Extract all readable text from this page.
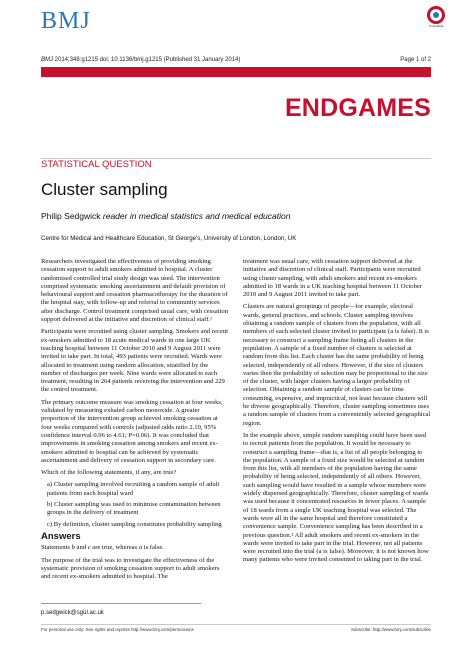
BMJ	CrossMark
BMJ 2014;348:g1215 doi: 10.1136/bmj.g1215 (Published 31 January 2014)	Page 1 of 2
ENDGAMES
STATISTICAL QUESTION
Cluster sampling
Philip Sedgwick reader in medical statistics and medical education
Centre for Medical and Healthcare Education, St George's, University of London, London, UK

Researchers investigated the effectiveness of providing smoking cessation support to adult smokers admitted to hospital. A cluster randomised controlled trial study design was used. The intervention comprised systematic smoking ascertainment and default provision of behavioural support and cessation pharmacotherapy for the duration of the hospital stay, with follow-up and referral to community services after discharge. Control treatment comprised usual care, with cessation support delivered at the initiative and discretion of clinical staff.¹

Participants were recruited using cluster sampling. Smokers and recent ex-smokers admitted to 18 acute medical wards in one large UK teaching hospital between 11 October 2010 and 9 August 2011 were invited to take part. In total, 493 patients were recruited. Wards were allocated to treatment using random allocation, stratified by the number of discharges per week. Nine wards were allocated to each treatment, resulting in 264 patients receiving the intervention and 229 the control treatment.

The primary outcome measure was smoking cessation at four weeks, validated by measuring exhaled carbon monoxide. A greater proportion of the intervention group achieved smoking cessation at four weeks compared with controls (adjusted odds ratio 2.10, 95% confidence interval 0.96 to 4.61; P=0.06). It was concluded that improvements in smoking cessation among smokers and recent ex-smokers admitted to hospital can be achieved by systematic ascertainment and delivery of cessation support in secondary care.

Which of the following statements, if any, are true?

a) Cluster sampling involved recruiting a random sample of adult patients from each hospital ward
b) Cluster sampling was used to minimise contamination between groups in the delivery of treatment
c) By definition, cluster sampling constitutes probability sampling
Answers

Statements b and c are true, whereas a is false.

The purpose of the trial was to investigate the effectiveness of the systematic provision of smoking cessation support to adult smokers and recent ex-smokers admitted to hospital. The

treatment was usual care, with cessation support delivered at the initiative and discretion of clinical staff. Participants were recruited using cluster sampling, with adult smokers and recent ex-smokers admitted to 18 wards in a UK teaching hospital between 11 October 2010 and 9 August 2011 invited to take part.

Clusters are natural groupings of people—for example, electoral wards, general practices, and schools. Cluster sampling involves obtaining a random sample of clusters from the population, with all members of each selected cluster invited to participate (a is false). It is necessary to construct a sampling frame listing all clusters in the population. A sample of a fixed number of clusters is selected at random from this list. Each cluster has the same probability of being selected, independently of all others. However, if the size of clusters varies then the probability of selection may be proportional to the size of the cluster, with larger clusters having a larger probability of selection. Obtaining a random sample of clusters can be time consuming, expensive, and impractical, not least because clusters will be diverse geographically. Therefore, cluster sampling sometimes uses a random sample of clusters from a conveniently selected geographical region.

In the example above, simple random sampling could have been used to recruit patients from the population. It would be necessary to construct a sampling frame—that is, a list of all people belonging to the population. A sample of a fixed size would be selected at random from this list, with all members of the population having the same probability of being selected, independently of all others. However, such sampling would have resulted in a sample whose members were widely dispersed geographically. Therefore, cluster sampling of wards was used because it concentrated resources in fewer places. A sample of 18 wards from a single UK teaching hospital was selected. The wards were all in the same hospital and therefore constituted a convenience sample. Convenience sampling has been described in a previous question.² All adult smokers and recent ex-smokers in the wards were invited to take part in the trial. However, not all patients were recruited into the trial (a is false). Moreover, it is not known how many patients who were invited consented to taking part in the trial.

p.sedgwick@sgul.ac.uk
For personal use only: See rights and reprints http://www.bmj.com/permissions	Subscribe: http://www.bmj.com/subscribe
